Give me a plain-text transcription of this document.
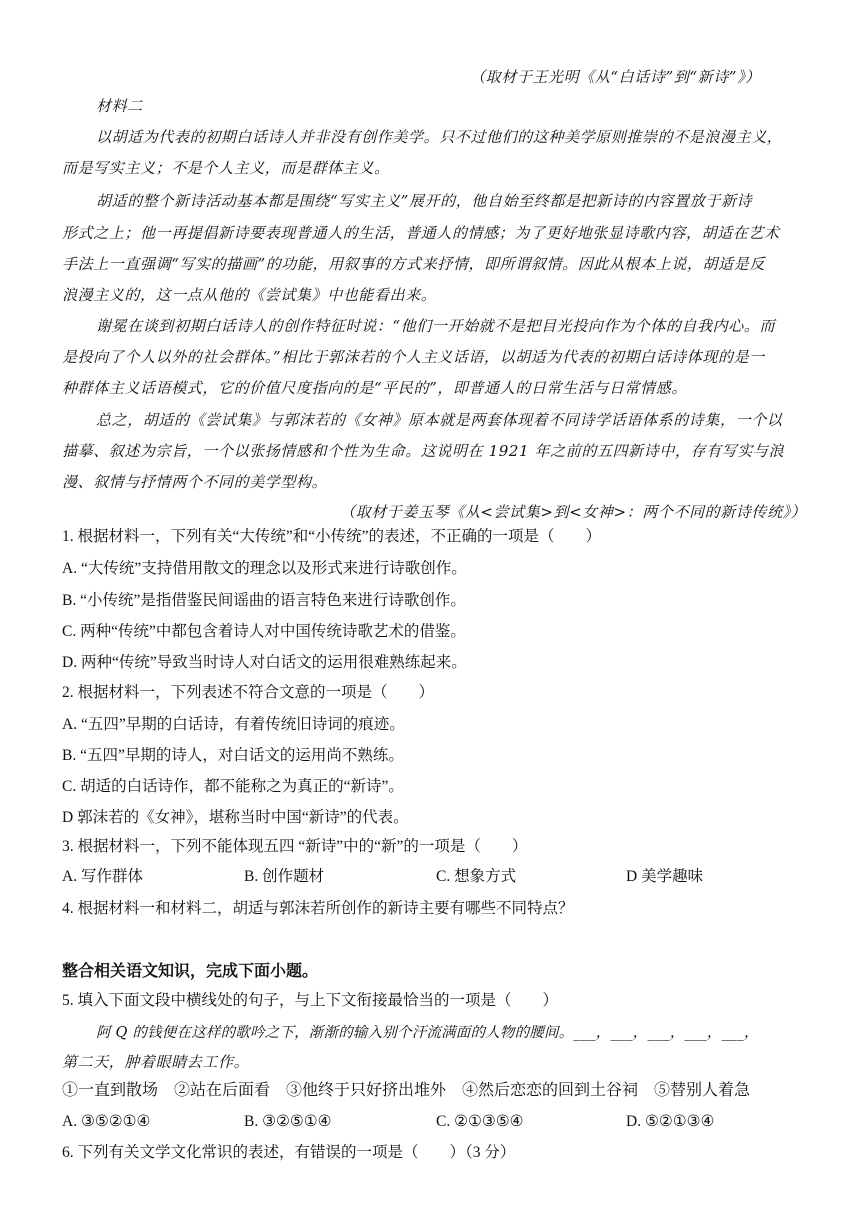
（取材于王光明《从“白话诗”到“新诗”》）
材料二
以胡适为代表的初期白话诗人并非没有创作美学。只不过他们的这种美学原则推崇的不是浪漫主义，
而是写实主义；不是个人主义，而是群体主义。
胡适的整个新诗活动基本都是围绕“写实主义”展开的，他自始至终都是把新诗的内容置放于新诗
形式之上；他一再提倡新诗要表现普通人的生活，普通人的情感；为了更好地张显诗歌内容，胡适在艺术
手法上一直强调“写实的描画”的功能，用叙事的方式来抒情，即所谓叙情。因此从根本上说，胡适是反
浪漫主义的，这一点从他的《尝试集》中也能看出来。
谢冕在谈到初期白话诗人的创作特征时说：“他们一开始就不是把目光投向作为个体的自我内心。而
是投向了个人以外的社会群体。”相比于郭沫若的个人主义话语，以胡适为代表的初期白话诗体现的是一
种群体主义话语模式，它的价值尺度指向的是“平民的”，即普通人的日常生活与日常情感。
总之，胡适的《尝试集》与郭沫若的《女神》原本就是两套体现着不同诗学话语体系的诗集，一个以
描摹、叙述为宗旨，一个以张扬情感和个性为生命。这说明在 1921 年之前的五四新诗中，存有写实与浪
漫、叙情与抒情两个不同的美学型构。
（取材于姜玉琴《从<尝试集>到<女神>：两个不同的新诗传统》）
1. 根据材料一，下列有关“大传统”和“小传统”的表述，不正确的一项是（　　）
A. “大传统”支持借用散文的理念以及形式来进行诗歌创作。
B. “小传统”是指借鉴民间谣曲的语言特色来进行诗歌创作。
C. 两种“传统”中都包含着诗人对中国传统诗歌艺术的借鉴。
D. 两种“传统”导致当时诗人对白话文的运用很难熟练起来。
2. 根据材料一，下列表述不符合文意的一项是（　　）
A. “五四”早期的白话诗，有着传统旧诗词的痕迹。
B. “五四”早期的诗人，对白话文的运用尚不熟练。
C. 胡适的白话诗作，都不能称之为真正的“新诗”。
D 郭沫若的《女神》，堪称当时中国“新诗”的代表。
3. 根据材料一，下列不能体现五四 “新诗”中的“新”的一项是（　　）
A. 写作群体	B. 创作题材	C. 想象方式	D 美学趣味
4. 根据材料一和材料二，胡适与郭沫若所创作的新诗主要有哪些不同特点？
整合相关语文知识，完成下面小题。
5. 填入下面文段中横线处的句子，与上下文衔接最恰当的一项是（　　）
阿 Q 的钱便在这样的歌吟之下，渐渐的输入别个汗流满面的人物的腰间。___，___，___，___，___，
第二天，肿着眼睛去工作。
①一直到散场　②站在后面看　③他终于只好挤出堆外　④然后恋恋的回到土谷祠　⑤替别人着急
A. ③⑤②①④	B. ③②⑤①④	C. ②①③⑤④	D. ⑤②①③④
6. 下列有关文学文化常识的表述，有错误的一项是（　　）（3 分）
